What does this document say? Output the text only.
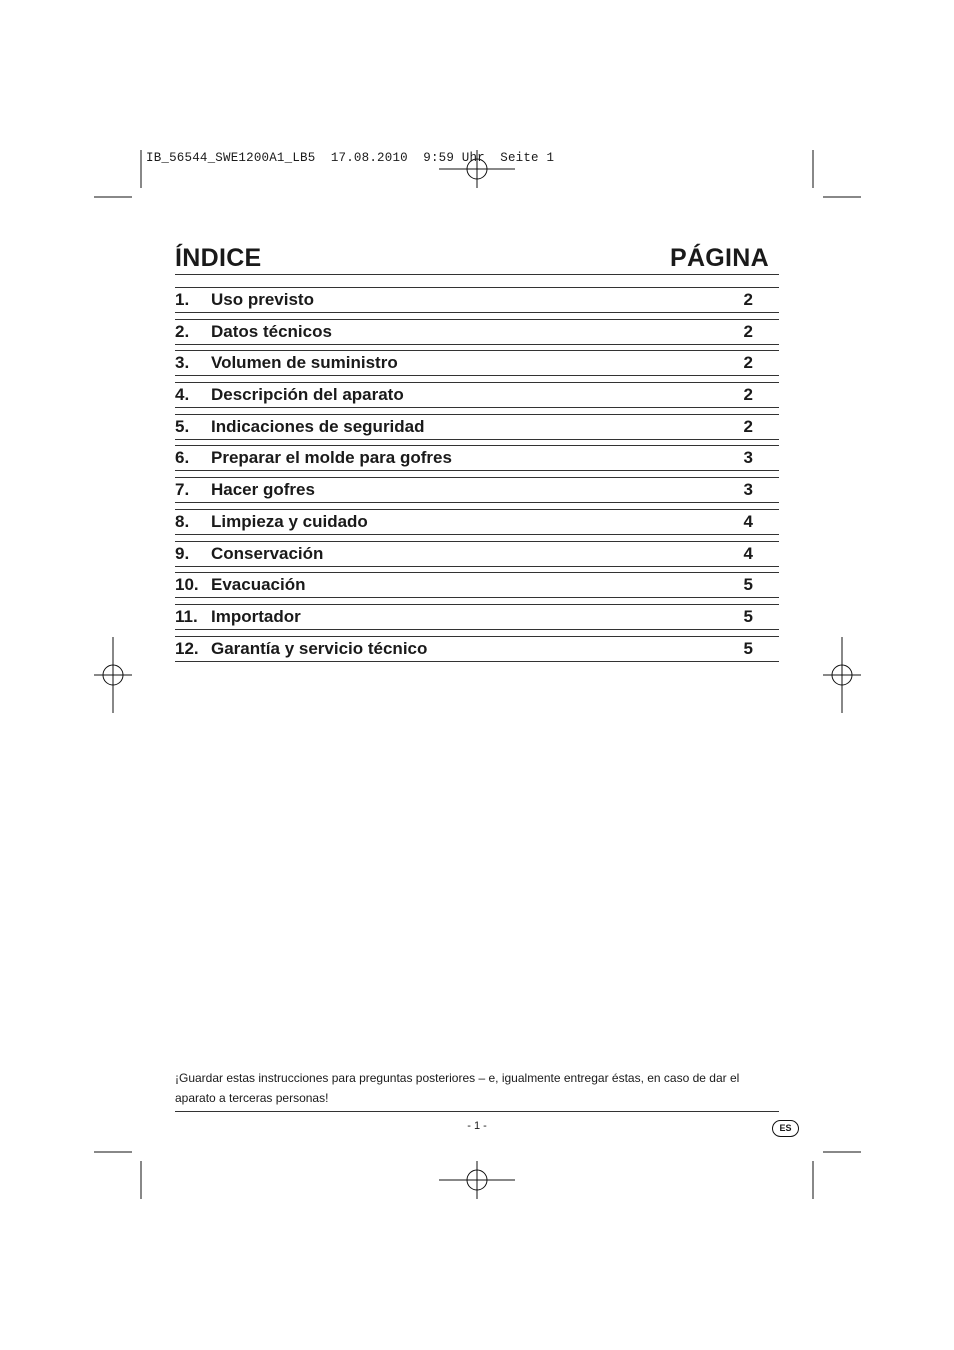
IB_56544_SWE1200A1_LB5  17.08.2010  9:59 Uhr  Seite 1
ÍNDICE	PÁGINA
1. Uso previsto	2
2. Datos técnicos	2
3. Volumen de suministro	2
4. Descripción del aparato	2
5. Indicaciones de seguridad	2
6. Preparar el molde para gofres	3
7. Hacer gofres	3
8. Limpieza y cuidado	4
9. Conservación	4
10. Evacuación	5
11. Importador	5
12. Garantía y servicio técnico	5
¡Guardar estas instrucciones para preguntas posteriores – e, igualmente entregar éstas, en caso de dar el
aparato a terceras personas!
- 1 -	ES
